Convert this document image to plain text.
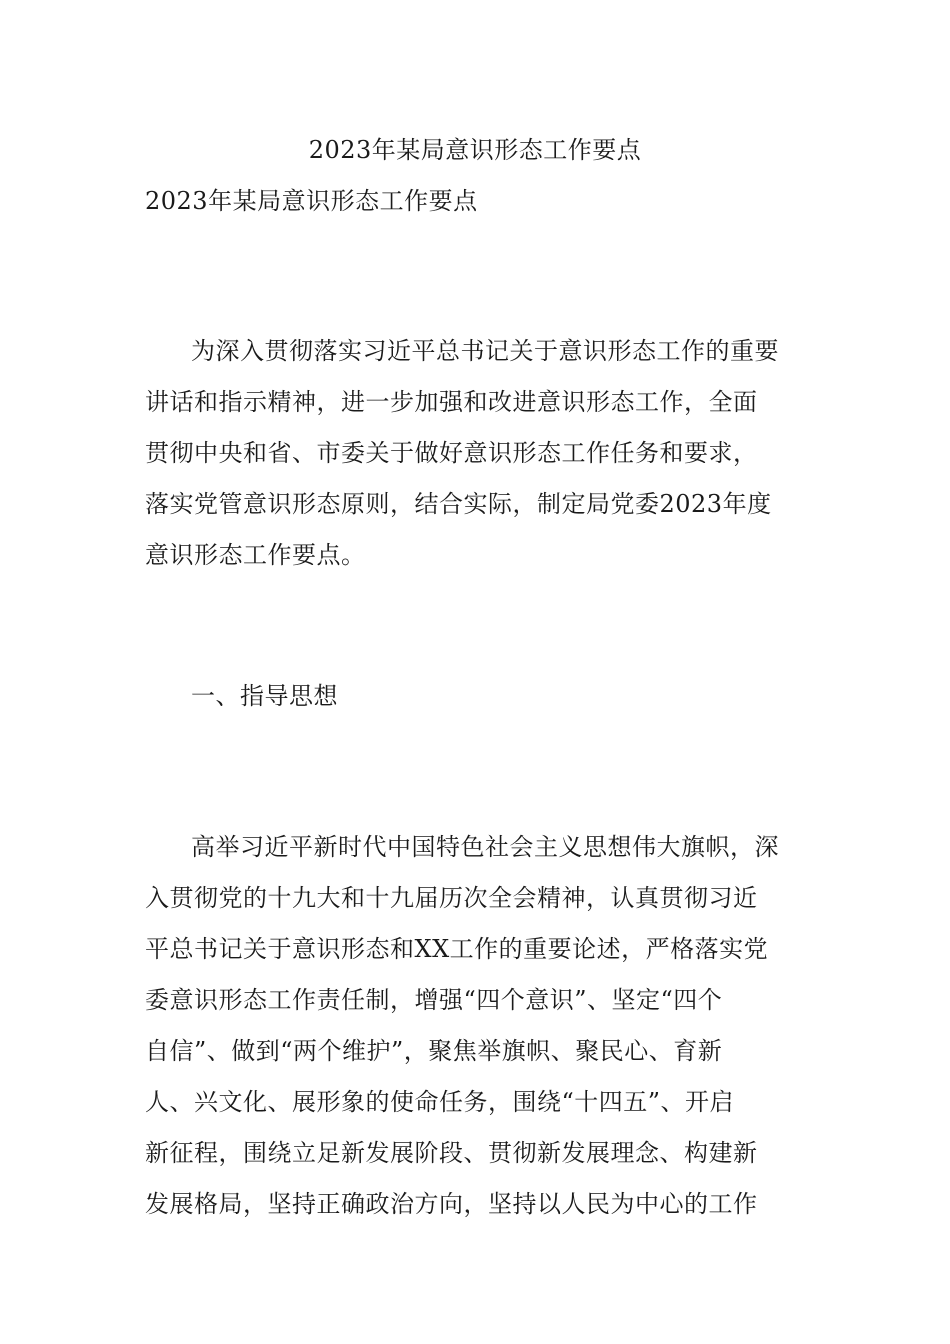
2023年某局意识形态工作要点
2023年某局意识形态工作要点
为深入贯彻落实习近平总书记关于意识形态工作的重要
讲话和指示精神，进一步加强和改进意识形态工作，全面
贯彻中央和省、市委关于做好意识形态工作任务和要求，
落实党管意识形态原则，结合实际，制定局党委2023年度
意识形态工作要点。
一、指导思想
高举习近平新时代中国特色社会主义思想伟大旗帜，深
入贯彻党的十九大和十九届历次全会精神，认真贯彻习近
平总书记关于意识形态和XX工作的重要论述，严格落实党
委意识形态工作责任制，增强“四个意识”、坚定“四个
自信”、做到“两个维护”，聚焦举旗帜、聚民心、育新
人、兴文化、展形象的使命任务，围绕“十四五”、开启
新征程，围绕立足新发展阶段、贯彻新发展理念、构建新
发展格局，坚持正确政治方向，坚持以人民为中心的工作
